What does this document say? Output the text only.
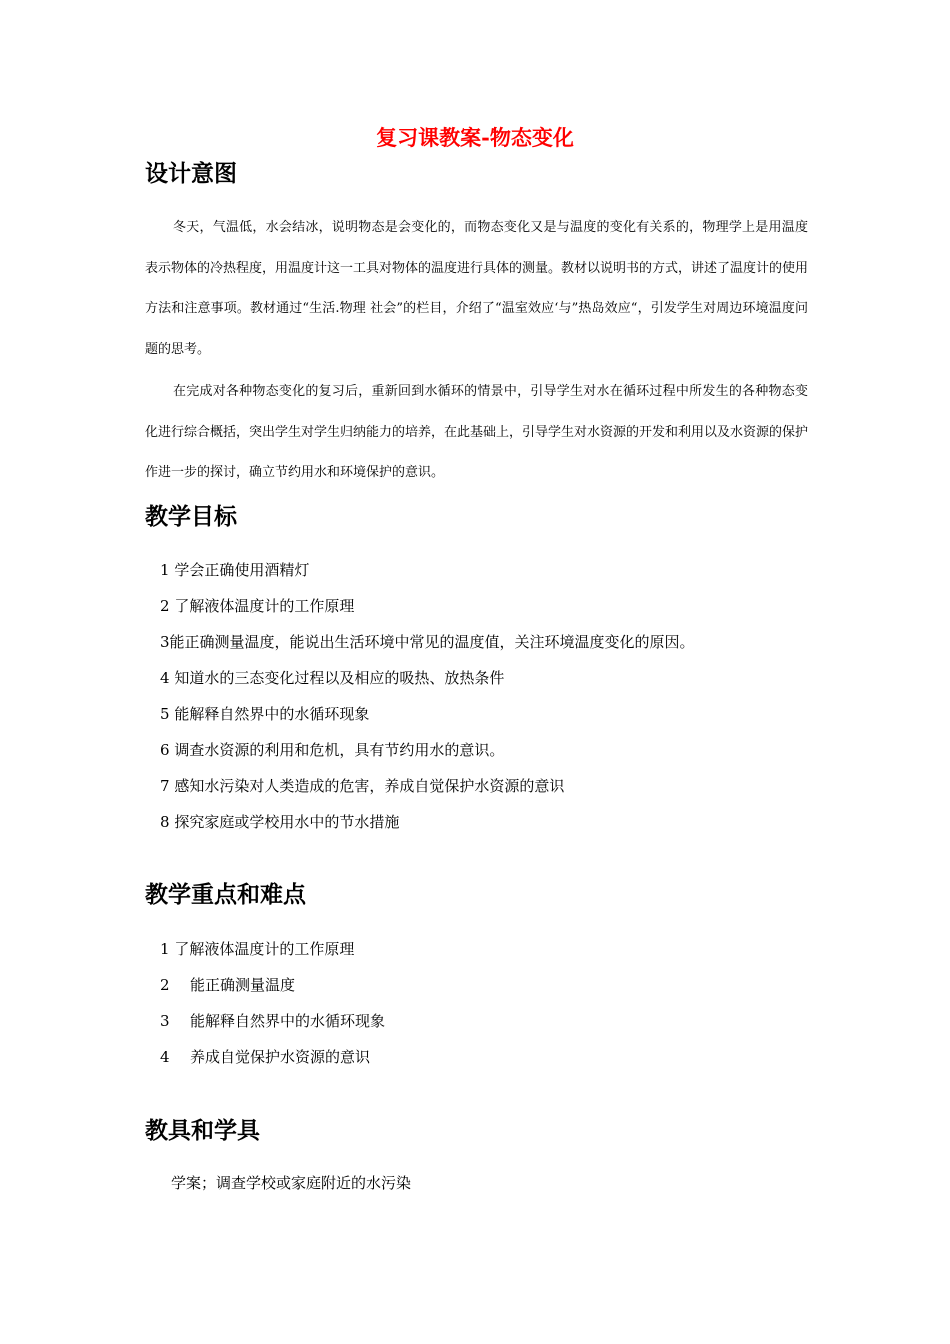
复习课教案-物态变化
设计意图

冬天，气温低，水会结冰，说明物态是会变化的，而物态变化又是与温度的变化有关系的，物理学上是用温度表示物体的冷热程度，用温度计这一工具对物体的温度进行具体的测量。教材以说明书的方式，讲述了温度计的使用方法和注意事项。教材通过“生活.物理 社会”的栏目，介绍了“温室效应‘与”热岛效应“，引发学生对周边环境温度问题的思考。

在完成对各种物态变化的复习后，重新回到水循环的情景中，引导学生对水在循环过程中所发生的各种物态变化进行综合概括，突出学生对学生归纳能力的培养，在此基础上，引导学生对水资源的开发和利用以及水资源的保护作进一步的探讨，确立节约用水和环境保护的意识。

教学目标
1 学会正确使用酒精灯
2 了解液体温度计的工作原理
3能正确测量温度，能说出生活环境中常见的温度值，关注环境温度变化的原因。
4 知道水的三态变化过程以及相应的吸热、放热条件
5 能解释自然界中的水循环现象
6 调查水资源的利用和危机，具有节约用水的意识。
7 感知水污染对人类造成的危害，养成自觉保护水资源的意识
8 探究家庭或学校用水中的节水措施
教学重点和难点
1 了解液体温度计的工作原理
2 能正确测量温度
3 能解释自然界中的水循环现象
4 养成自觉保护水资源的意识
教具和学具
学案；调查学校或家庭附近的水污染
